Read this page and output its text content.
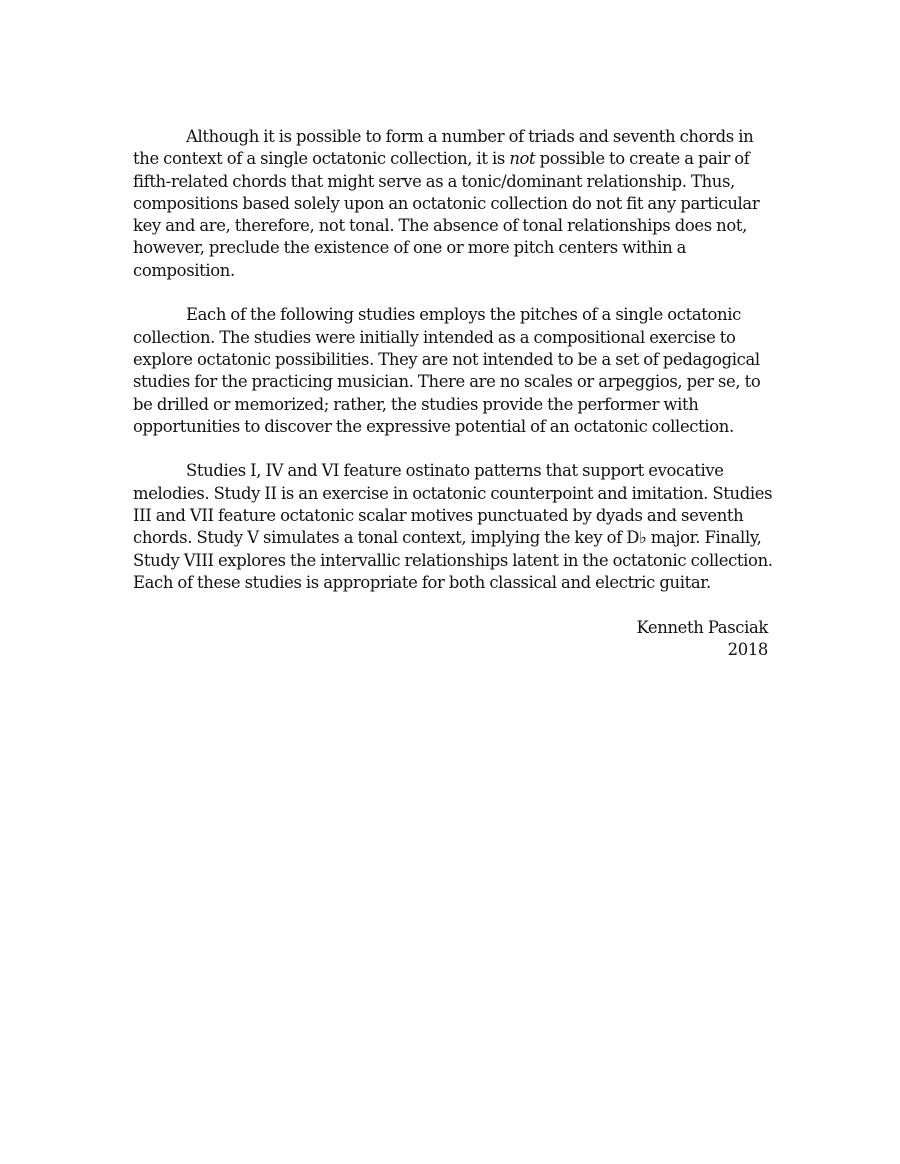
Although it is possible to form a number of triads and seventh chords in the context of a single octatonic collection, it is not possible to create a pair of fifth-related chords that might serve as a tonic/dominant relationship. Thus, compositions based solely upon an octatonic collection do not fit any particular key and are, therefore, not tonal. The absence of tonal relationships does not, however, preclude the existence of one or more pitch centers within a composition.

Each of the following studies employs the pitches of a single octatonic collection. The studies were initially intended as a compositional exercise to explore octatonic possibilities. They are not intended to be a set of pedagogical studies for the practicing musician. There are no scales or arpeggios, per se, to be drilled or memorized; rather, the studies provide the performer with opportunities to discover the expressive potential of an octatonic collection.

Studies I, IV and VI feature ostinato patterns that support evocative melodies. Study II is an exercise in octatonic counterpoint and imitation. Studies III and VII feature octatonic scalar motives punctuated by dyads and seventh chords. Study V simulates a tonal context, implying the key of D♭ major. Finally, Study VIII explores the intervallic relationships latent in the octatonic collection. Each of these studies is appropriate for both classical and electric guitar.

Kenneth Pasciak
2018
